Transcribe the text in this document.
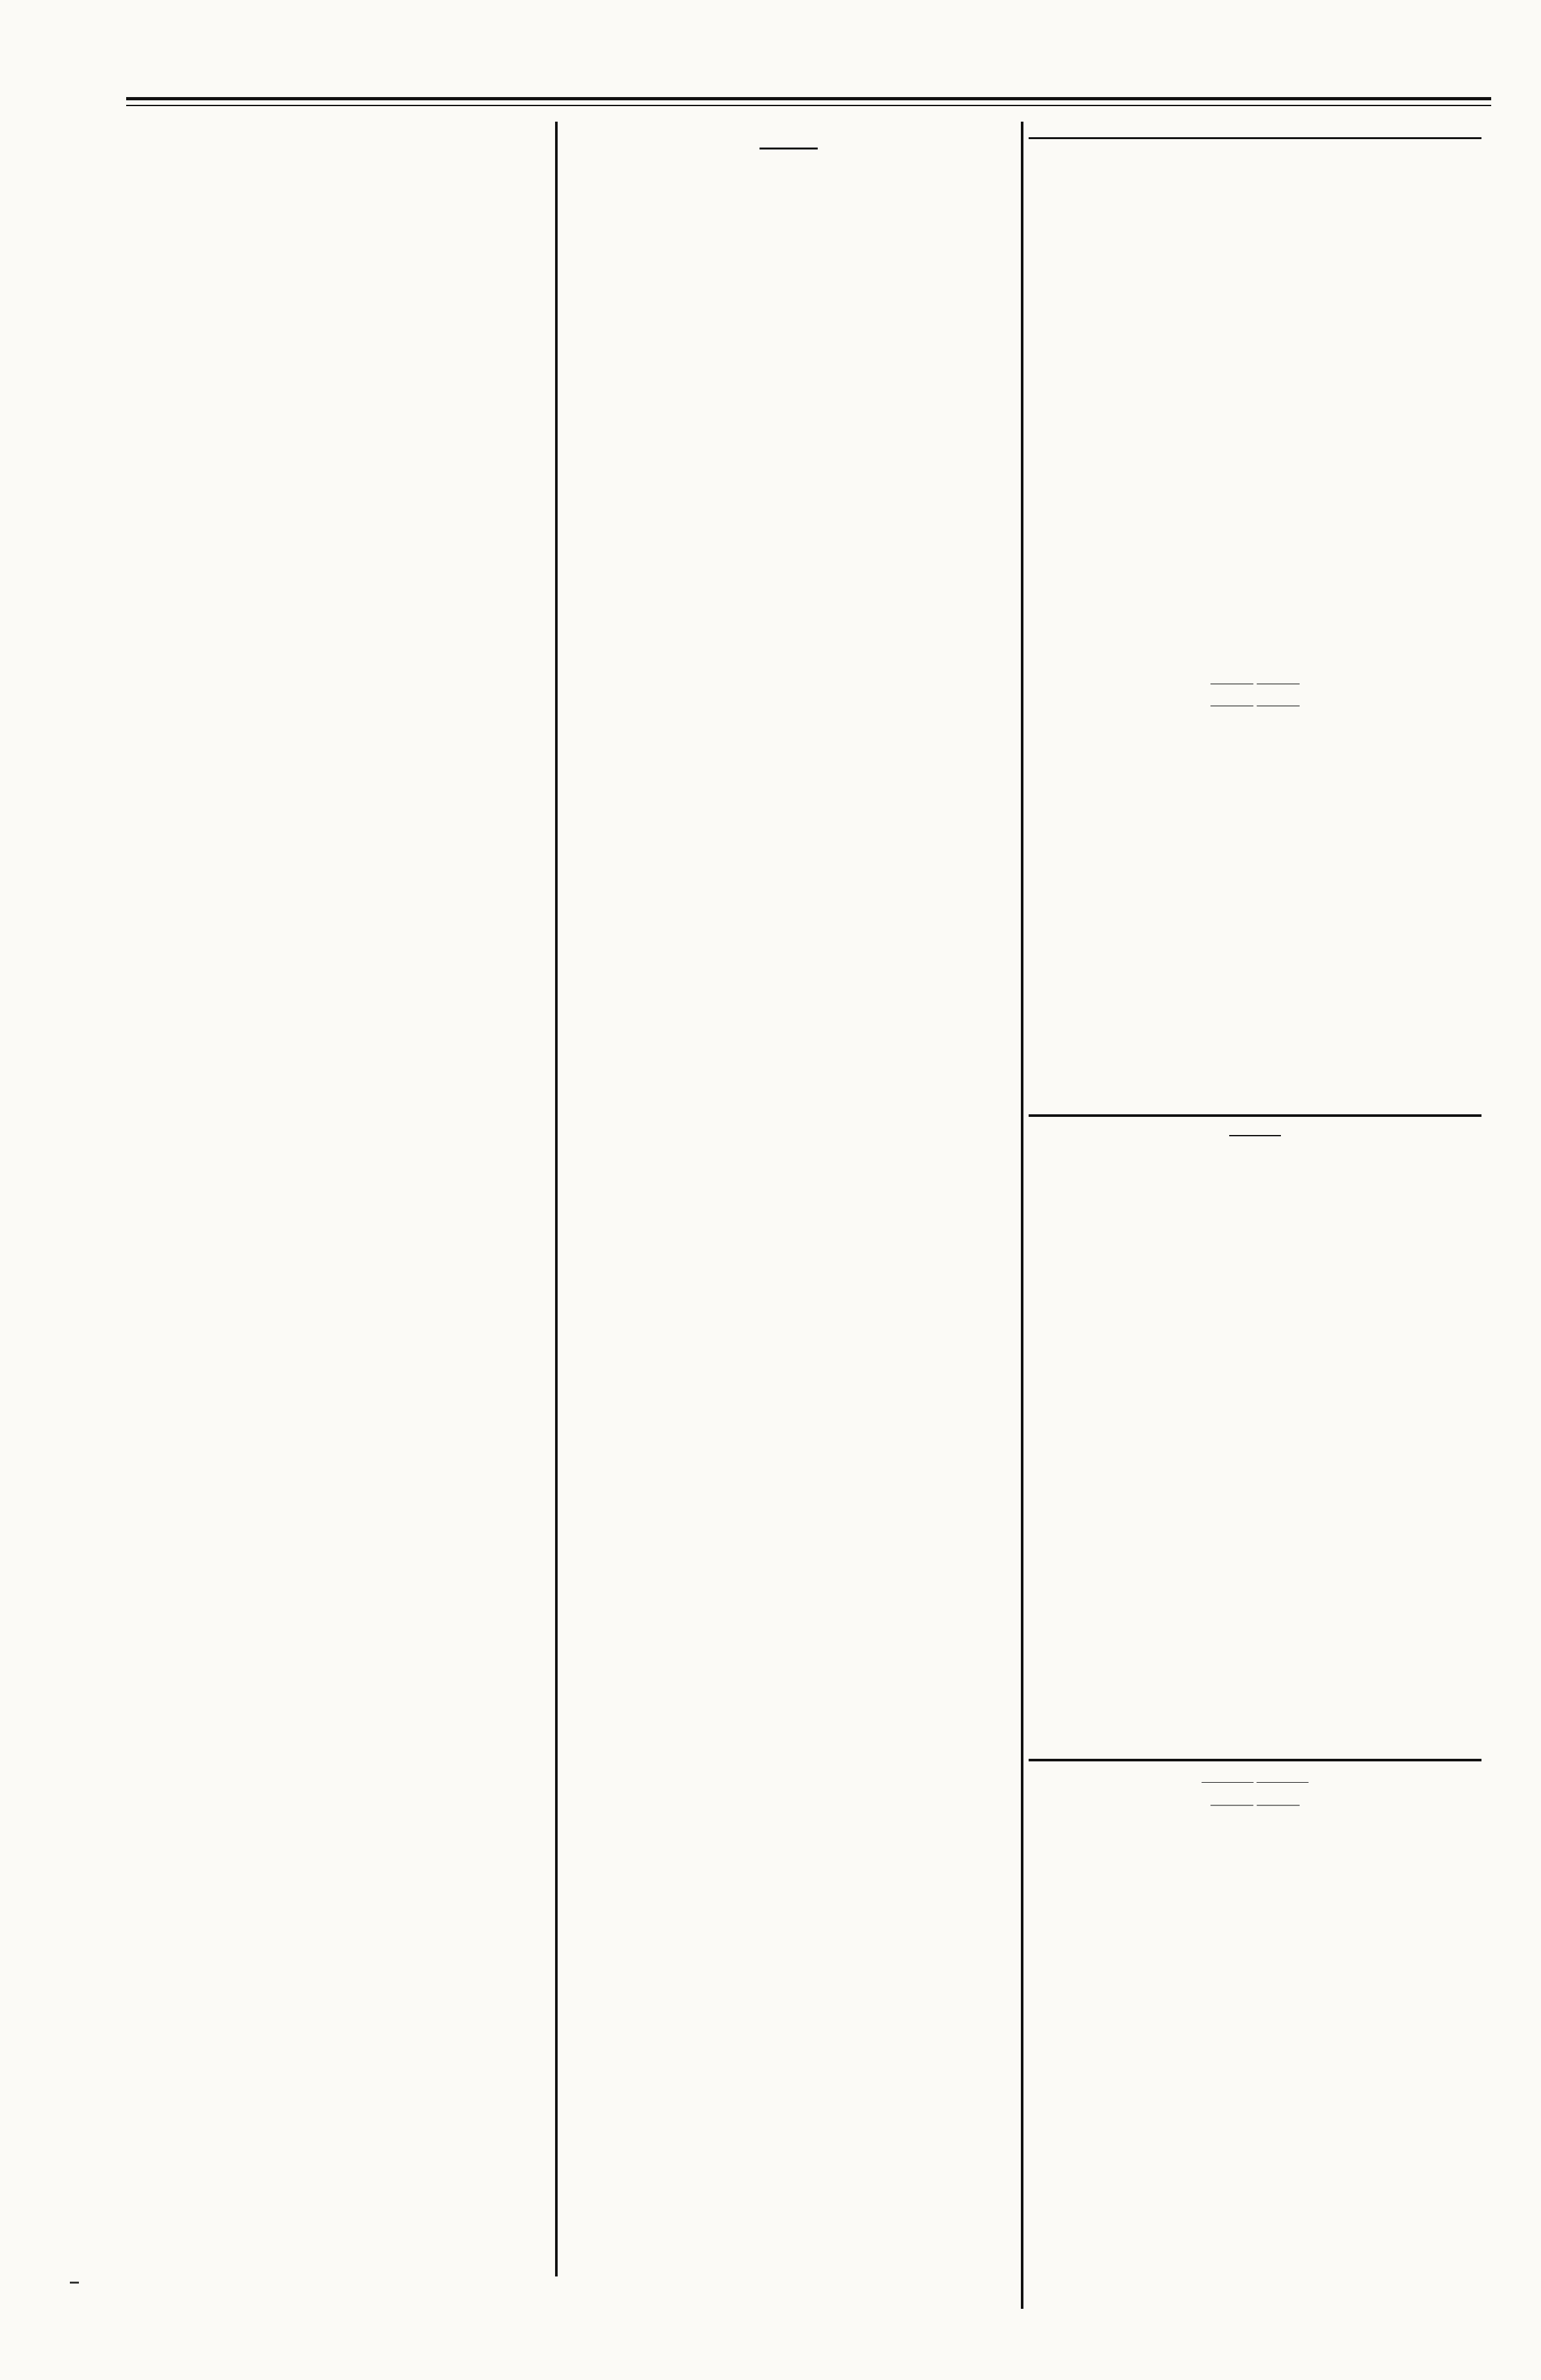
——— ———
——— ———
———— ————
——— ———
